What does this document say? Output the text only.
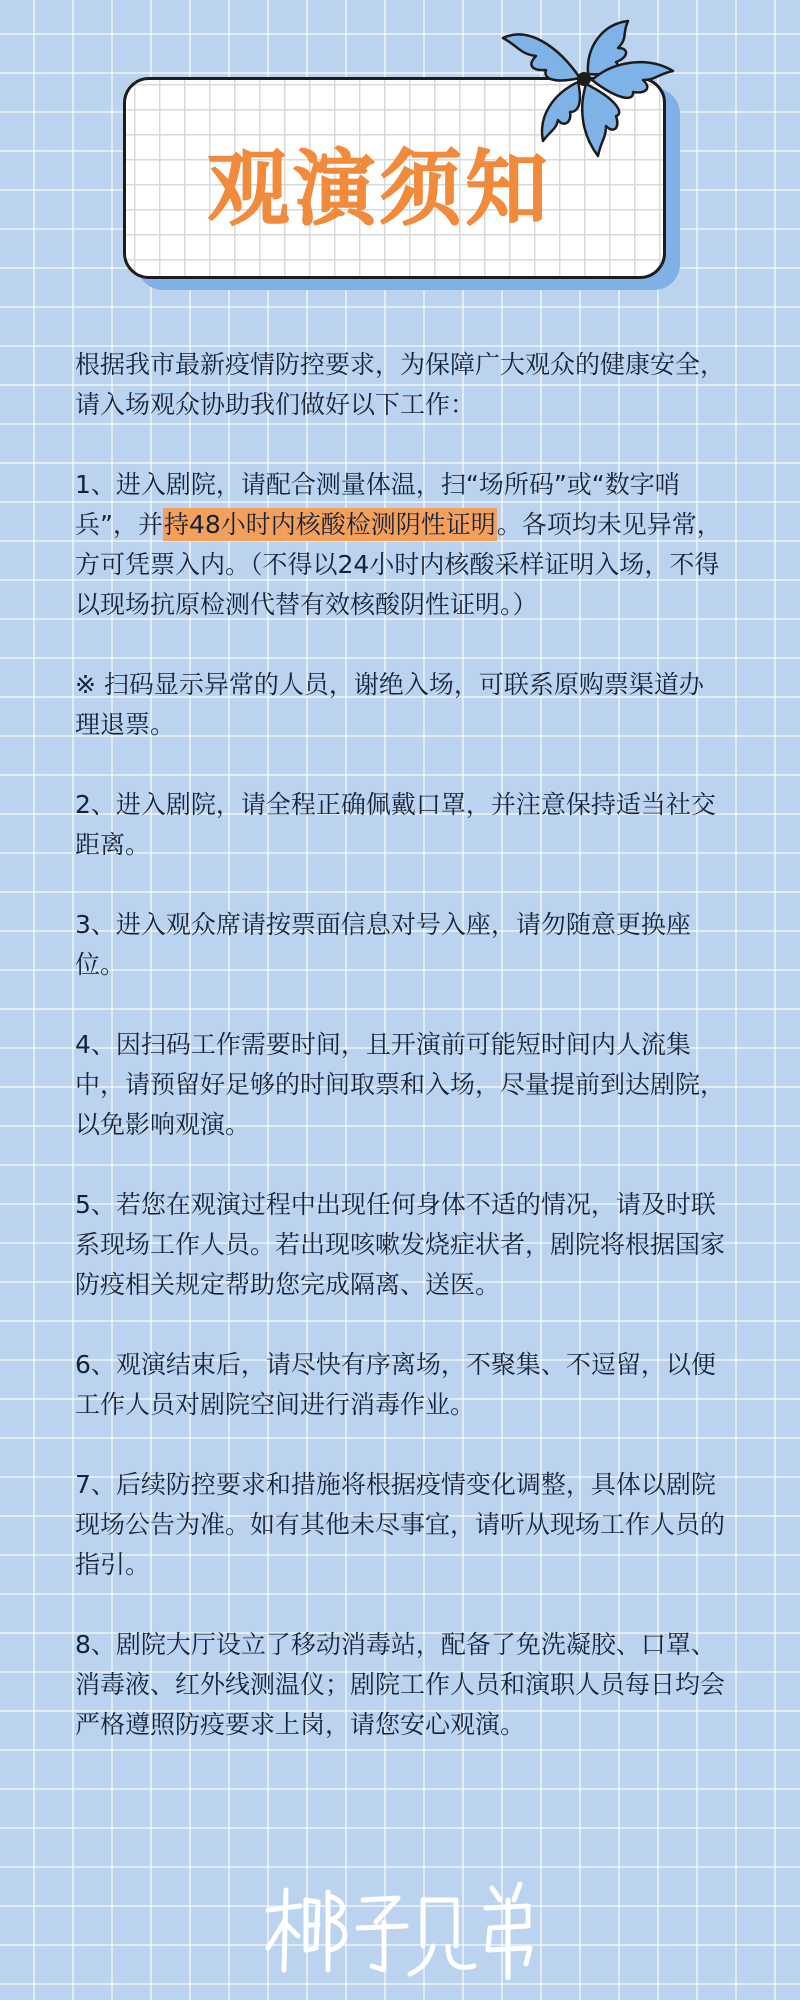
观演须知

根据我市最新疫情防控要求，为保障广大观众的健康安全，请入场观众协助我们做好以下工作：

1、进入剧院，请配合测量体温，扫“场所码”或“数字哨兵”，并持48小时内核酸检测阴性证明。各项均未见异常，方可凭票入内。（不得以24小时内核酸采样证明入场，不得以现场抗原检测代替有效核酸阴性证明。）

※ 扫码显示异常的人员，谢绝入场，可联系原购票渠道办理退票。

2、进入剧院，请全程正确佩戴口罩，并注意保持适当社交距离。

3、进入观众席请按票面信息对号入座，请勿随意更换座位。

4、因扫码工作需要时间，且开演前可能短时间内人流集中，请预留好足够的时间取票和入场，尽量提前到达剧院，以免影响观演。

5、若您在观演过程中出现任何身体不适的情况，请及时联系现场工作人员。若出现咳嗽发烧症状者，剧院将根据国家防疫相关规定帮助您完成隔离、送医。

6、观演结束后，请尽快有序离场，不聚集、不逗留，以便工作人员对剧院空间进行消毒作业。

7、后续防控要求和措施将根据疫情变化调整，具体以剧院现场公告为准。如有其他未尽事宜，请听从现场工作人员的指引。

8、剧院大厅设立了移动消毒站，配备了免洗凝胶、口罩、消毒液、红外线测温仪；剧院工作人员和演职人员每日均会严格遵照防疫要求上岗，请您安心观演。
